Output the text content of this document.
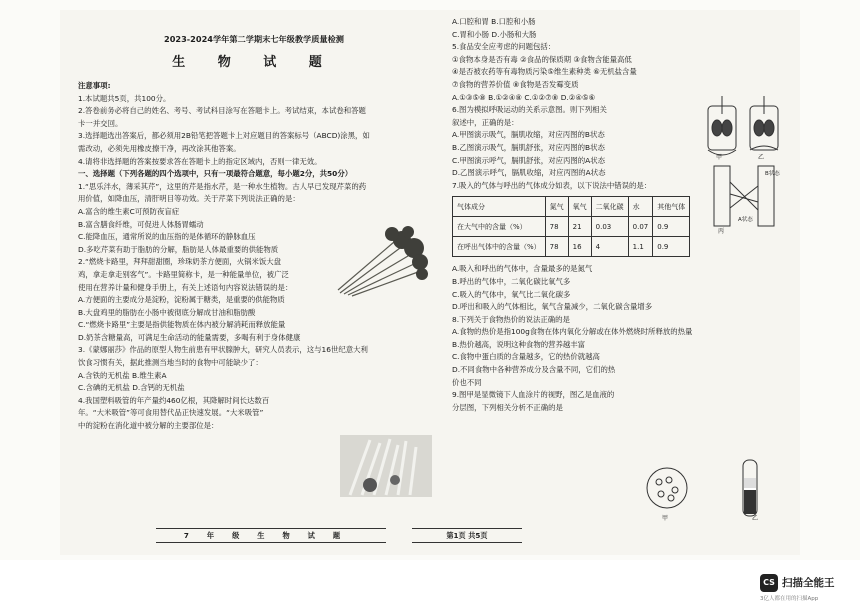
2023-2024学年第二学期末七年级教学质量检测
生 物 试 题
注意事项:
1.本试题共5页，共100分。
2.答卷前务必将自己的姓名、考号、考试科目涂写在答题卡上。考试结束，本试卷和答题
卡一并交回。
3.选择题选出答案后，都必须用2B铅笔把答题卡上对应题目的答案标号（ABCD)涂黑，如
需改动，必须先用橡皮擦干净，再改涂其他答案。
4.请将非选择题的答案按要求答在答题卡上的指定区域内，否则一律无效。
一、选择题（下列各题的四个选项中，只有一项最符合题意，每小题2分，共50分）
1.“思乐泮水，薄采其芹”，这里的芹是指水芹，是一种水生植物。古人早已发现芹菜的药
用价值，如降血压，清肝明目等功效。关于芹菜下列说法正确的是：
A.富含的维生素C可预防夜盲症
B.富含膳食纤维，可促进人体肠胃蠕动
C.能降血压，通常所说的血压指的是体循环的静脉血压
D.多吃芹菜有助于脂肪的分解，脂肪是人体最重要的供能物质
2.“燃烧卡路里，拜拜甜甜圈，珍珠奶茶方便面，火锅米饭大盘
鸡，拿走拿走别客气”。卡路里简称卡，是一种能量单位，被广泛
使用在营养计量和健身手册上，有关上述语句内容说法错误的是：
A.方便面的主要成分是淀粉，淀粉属于糖类，是重要的供能物质
B.大盘鸡里的脂肪在小肠中被彻底分解成甘油和脂肪酸
C.“燃烧卡路里”主要是指供能物质在体内被分解消耗而释放能量
D.奶茶含糖量高，可满足生命活动的能量需要，多喝有利于身体健康
3.《蒙娜丽莎》作品的原型人物生前患有甲状腺肿大，研究人员表示，这与16世纪意大利
饮食习惯有关，据此推测当地当时的食物中可能缺少了：
A.含铁的无机盐 B.维生素A
C.含碘的无机盐 D.含钙的无机盐
4.我国塑料吸管的年产量约460亿根，其降解时间长达数百
年。“大米吸管”等可食用替代品正快速发展。“大米吸管”
中的淀粉在消化道中被分解的主要部位是：
A.口腔和胃 B.口腔和小肠
C.胃和小肠 D.小肠和大肠
5.食品安全应考虑的问题包括：
①食物本身是否有毒 ②食品的保质期 ③食物含能量高低
④是否被农药等有毒物质污染⑤维生素种类 ⑥无机盐含量
⑦食物的营养价值 ⑧食物是否发霉变质
A.①③⑤⑧ B.①②④⑧ C.①②⑦⑧ D.②④⑤⑥
6.图为模拟呼吸运动的关系示意图。则下列相关
叙述中，正确的是：
A.甲图演示吸气，膈肌收缩，对应丙图的B状态
B.乙图演示吸气，膈肌舒张，对应丙图的B状态
C.甲图演示呼气，膈肌舒张，对应丙图的A状态
D.乙图演示呼气，膈肌收缩，对应丙图的A状态
7.吸入的气体与呼出的气体成分如表，以下说法中错误的是：
气体成分	氮气	氧气	二氧化碳	水	其他气体
在大气中的含量（%）	78	21	0.03	0.07	0.9
在呼出气体中的含量（%）	78	16	4	1.1	0.9
A.吸入和呼出的气体中，含量最多的是氮气
B.呼出的气体中，二氧化碳比氧气多
C.吸入的气体中，氧气比二氧化碳多
D.呼出和吸入的气体相比，氧气含量减少，二氧化碳含量增多
8.下列关于食物热价的说法正确的是
A.食物的热价是指100g食物在体内氧化分解或在体外燃烧时所释放的热量
B.热价越高，说明这种食物的营养越丰富
C.食物中蛋白质的含量越多，它的热价就越高
D.不同食物中各种营养成分及含量不同，它们的热
价也不同
9.图甲是显微镜下人血涂片的视野，图乙是血液的
分层图，下列相关分析不正确的是
甲	乙
B状态
A状态
丙
甲	乙
7年级生物试题	第1页 共5页
CS 扫描全能王
3亿人都在用的扫描App
